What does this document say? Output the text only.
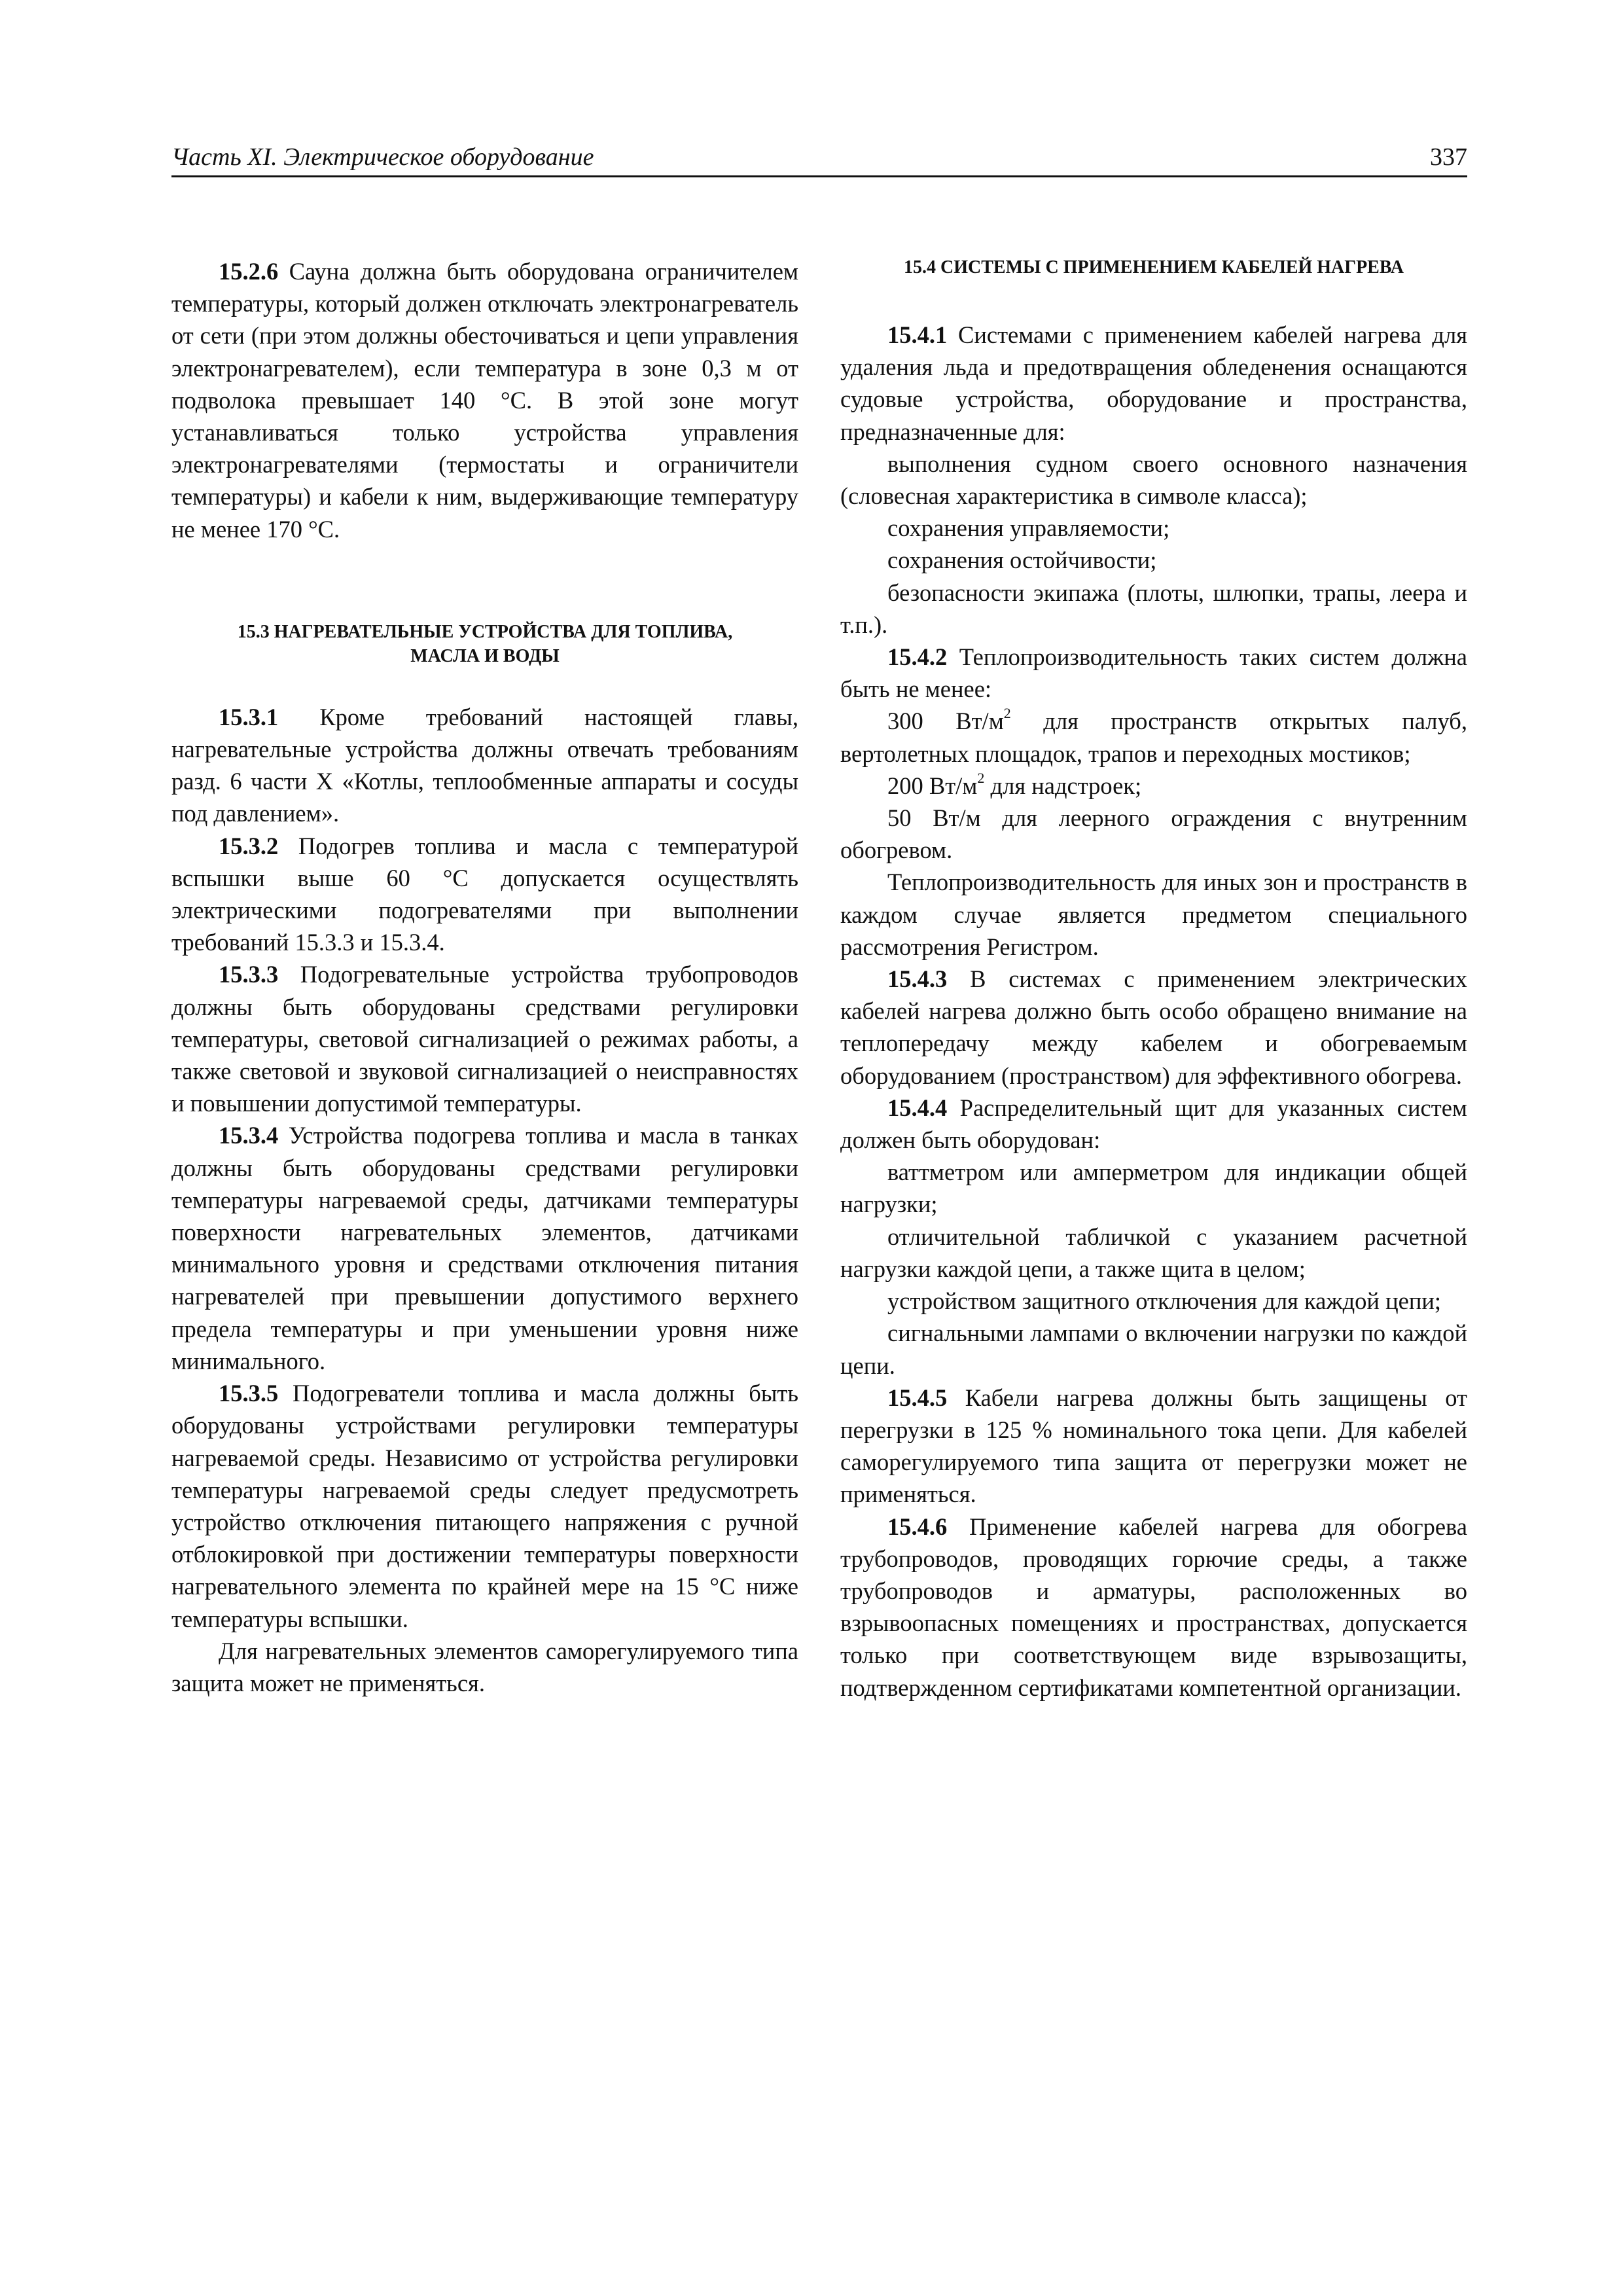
Часть XI. Электрическое оборудование	337

15.2.6 Сауна должна быть оборудована ограничителем температуры, который должен отключать электронагреватель от сети (при этом должны обесточиваться и цепи управления электронагревателем), если температура в зоне 0,3 м от подволока превышает 140 °С. В этой зоне могут устанавливаться только устройства управления электронагревателями (термостаты и ограничители температуры) и кабели к ним, выдерживающие температуру не менее 170 °С.

15.3 НАГРЕВАТЕЛЬНЫЕ УСТРОЙСТВА ДЛЯ ТОПЛИВА,
МАСЛА И ВОДЫ

15.3.1 Кроме требований настоящей главы, нагревательные устройства должны отвечать требованиям разд. 6 части X «Котлы, теплообменные аппараты и сосуды под давлением».

15.3.2 Подогрев топлива и масла с температурой вспышки выше 60 °С допускается осуществлять электрическими подогревателями при выполнении требований 15.3.3 и 15.3.4.

15.3.3 Подогревательные устройства трубопроводов должны быть оборудованы средствами регулировки температуры, световой сигнализацией о режимах работы, а также световой и звуковой сигнализацией о неисправностях и повышении допустимой температуры.

15.3.4 Устройства подогрева топлива и масла в танках должны быть оборудованы средствами регулировки температуры нагреваемой среды, датчиками температуры поверхности нагревательных элементов, датчиками минимального уровня и средствами отключения питания нагревателей при превышении допустимого верхнего предела температуры и при уменьшении уровня ниже минимального.

15.3.5 Подогреватели топлива и масла должны быть оборудованы устройствами регулировки температуры нагреваемой среды. Независимо от устройства регулировки температуры нагреваемой среды следует предусмотреть устройство отключения питающего напряжения с ручной отблокировкой при достижении температуры поверхности нагревательного элемента по крайней мере на 15 °С ниже температуры вспышки.

Для нагревательных элементов саморегулируемого типа защита может не применяться.

15.4 СИСТЕМЫ С ПРИМЕНЕНИЕМ КАБЕЛЕЙ НАГРЕВА

15.4.1 Системами с применением кабелей нагрева для удаления льда и предотвращения обледенения оснащаются судовые устройства, оборудование и пространства, предназначенные для:

выполнения судном своего основного назначения (словесная характеристика в символе класса);

сохранения управляемости;

сохранения остойчивости;

безопасности экипажа (плоты, шлюпки, трапы, леера и т.п.).

15.4.2 Теплопроизводительность таких систем должна быть не менее:

300 $Вт/м^2$ для пространств открытых палуб, вертолетных площадок, трапов и переходных мостиков;

200 $Вт/м^2$ для надстроек;

50 Вт/м для леерного ограждения с внутренним обогревом.

Теплопроизводительность для иных зон и пространств в каждом случае является предметом специального рассмотрения Регистром.

15.4.3 В системах с применением электрических кабелей нагрева должно быть особо обращено внимание на теплопередачу между кабелем и обогреваемым оборудованием (пространством) для эффективного обогрева.

15.4.4 Распределительный щит для указанных систем должен быть оборудован:

ваттметром или амперметром для индикации общей нагрузки;

отличительной табличкой с указанием расчетной нагрузки каждой цепи, а также щита в целом;

устройством защитного отключения для каждой цепи;

сигнальными лампами о включении нагрузки по каждой цепи.

15.4.5 Кабели нагрева должны быть защищены от перегрузки в 125 % номинального тока цепи. Для кабелей саморегулируемого типа защита от перегрузки может не применяться.

15.4.6 Применение кабелей нагрева для обогрева трубопроводов, проводящих горючие среды, а также трубопроводов и арматуры, расположенных во взрывоопасных помещениях и пространствах, допускается только при соответствующем виде взрывозащиты, подтвержденном сертификатами компетентной организации.
